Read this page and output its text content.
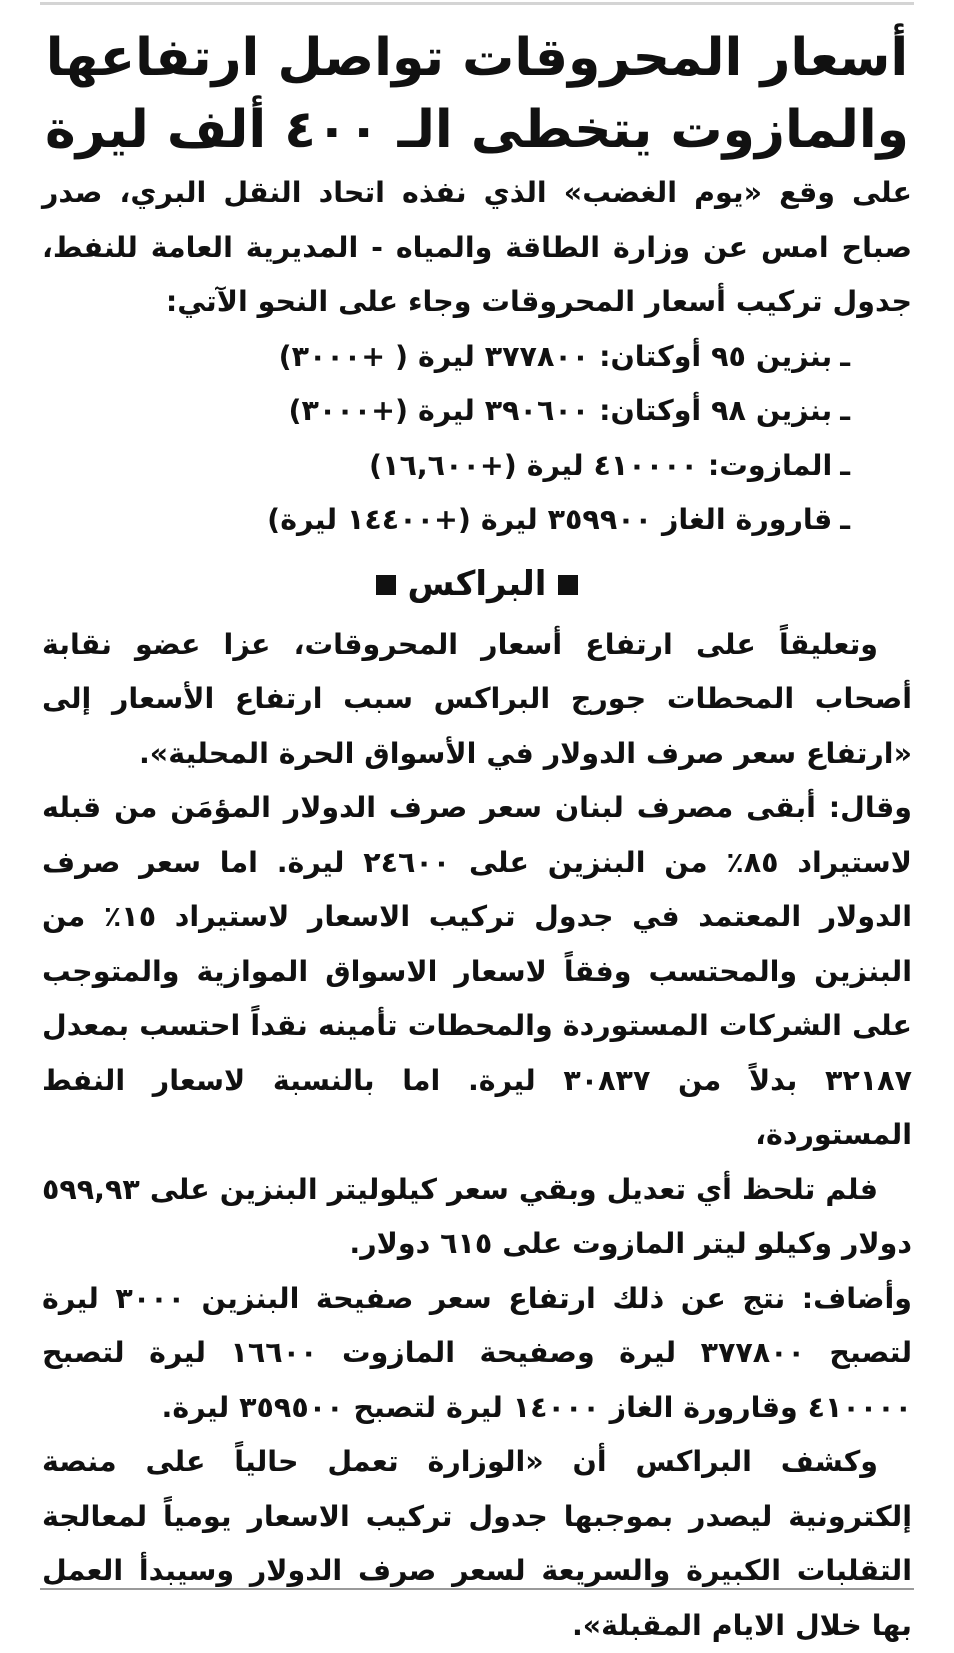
أسعار المحروقات تواصل ارتفاعها
والمازوت يتخطى الـ ٤٠٠ ألف ليرة

على وقع «يوم الغضب» الذي نفذه اتحاد النقل البري، صدر صباح امس عن وزارة الطاقة والمياه - المديرية العامة للنفط، جدول تركيب أسعار المحروقات وجاء على النحو الآتي:

ـبنزين ٩٥ أوكتان: ٣٧٧٨٠٠ ليرة ( +٣٠٠٠)
ـبنزين ٩٨ أوكتان: ٣٩٠٦٠٠ ليرة (+٣٠٠٠)
ـالمازوت: ٤١٠٠٠٠ ليرة (+١٦,٦٠٠)
ـقارورة الغاز ٣٥٩٩٠٠ ليرة (+١٤٤٠٠ ليرة)
البراكس

وتعليقاً على ارتفاع أسعار المحروقات، عزا عضو نقابة أصحاب المحطات جورج البراكس سبب ارتفاع الأسعار إلى «ارتفاع سعر صرف الدولار في الأسواق الحرة المحلية».

وقال: أبقى مصرف لبنان سعر صرف الدولار المؤمَن من قبله لاستيراد ٨٥٪ من البنزين على ٢٤٦٠٠ ليرة. اما سعر صرف الدولار المعتمد في جدول تركيب الاسعار لاستيراد ١٥٪ من البنزين والمحتسب وفقاً لاسعار الاسواق الموازية والمتوجب على الشركات المستوردة والمحطات تأمينه نقداً احتسب بمعدل ٣٢١٨٧ بدلاً من ٣٠٨٣٧ ليرة. اما بالنسبة لاسعار النفط المستوردة،

فلم تلحظ أي تعديل وبقي سعر كيلوليتر البنزين على ٥٩٩,٩٣ دولار وكيلو ليتر المازوت على ٦١٥ دولار.

وأضاف: نتج عن ذلك ارتفاع سعر صفيحة البنزين ٣٠٠٠ ليرة لتصبح ٣٧٧٨٠٠ ليرة وصفيحة المازوت ١٦٦٠٠ ليرة لتصبح ٤١٠٠٠٠ وقارورة الغاز ١٤٠٠٠ ليرة لتصبح ٣٥٩٥٠٠ ليرة.

وكشف البراكس أن «الوزارة تعمل حالياً على منصة إلكترونية ليصدر بموجبها جدول تركيب الاسعار يومياً لمعالجة التقلبات الكبيرة والسريعة لسعر صرف الدولار وسيبدأ العمل بها خلال الايام المقبلة».
